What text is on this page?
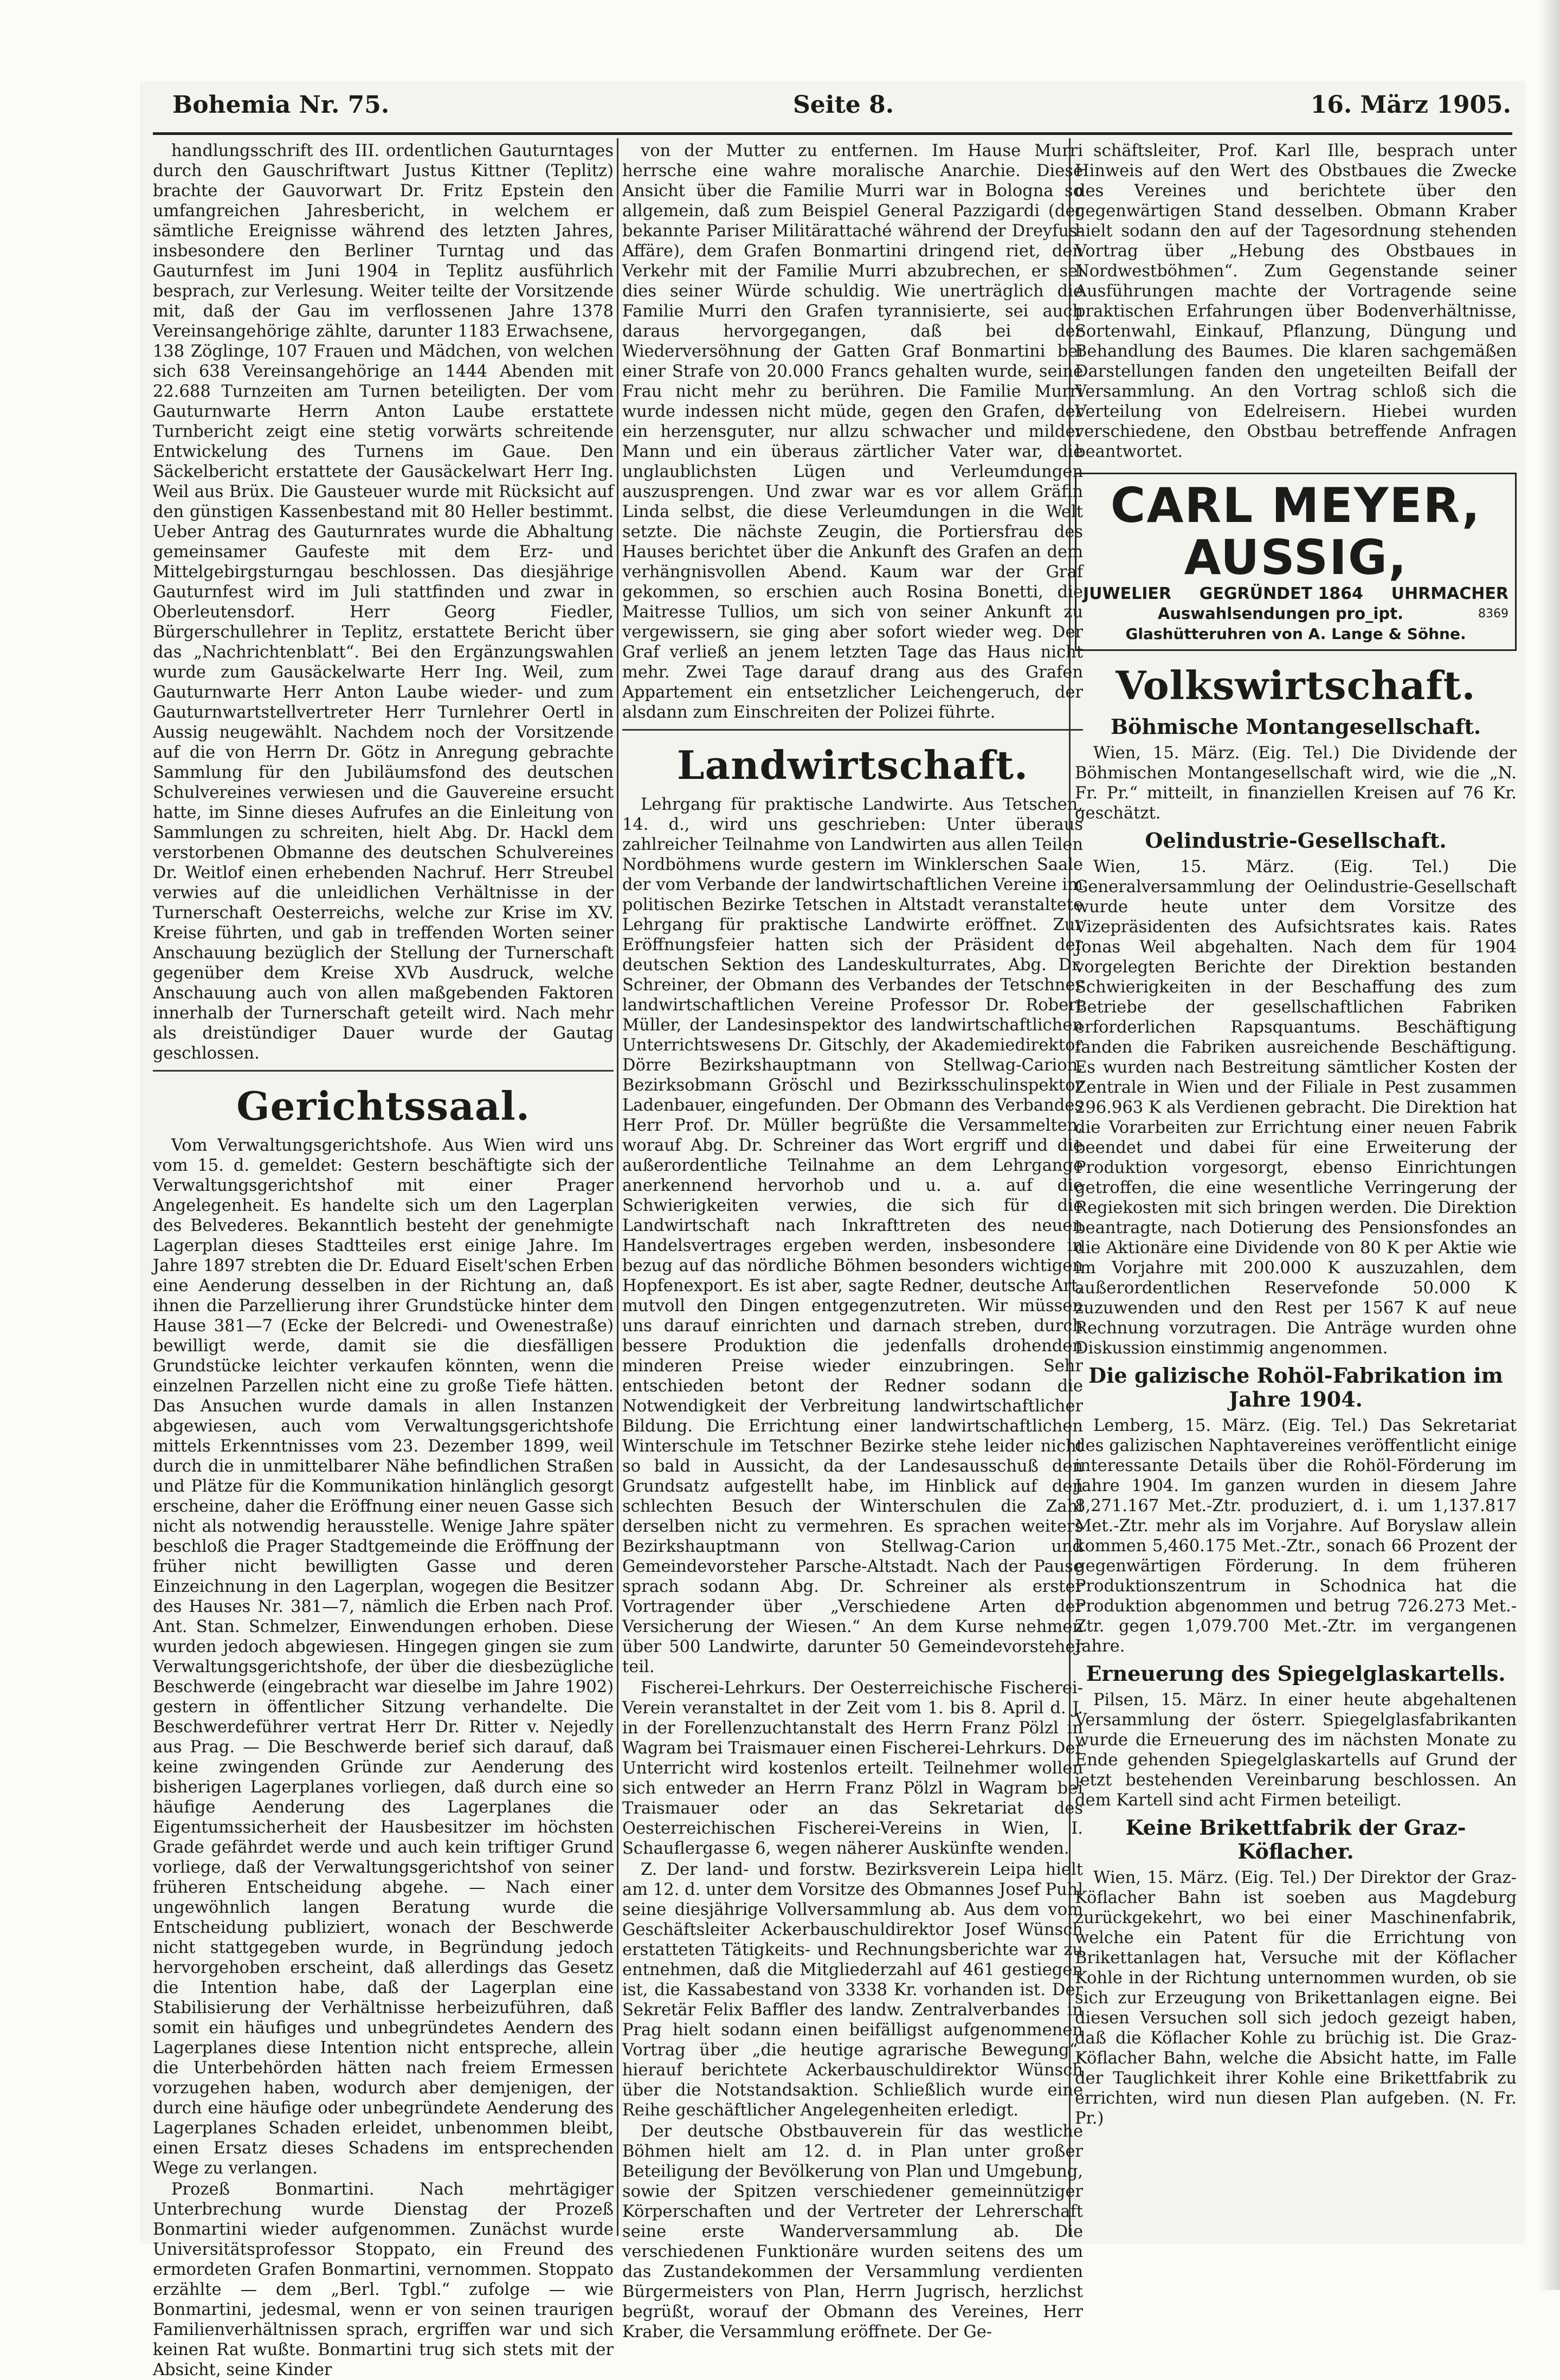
Bohemia Nr. 75.	Seite 8.	16. März 1905.

handlungsschrift des III. ordentlichen Gauturntages durch den Gauschriftwart Justus Kittner (Teplitz) brachte der Gauvorwart Dr. Fritz Epstein den umfangreichen Jahresbericht, in welchem er sämtliche Ereignisse während des letzten Jahres, insbesondere den Berliner Turntag und das Gauturnfest im Juni 1904 in Teplitz ausführlich besprach, zur Verlesung. Weiter teilte der Vorsitzende mit, daß der Gau im verflossenen Jahre 1378 Vereinsangehörige zählte, darunter 1183 Erwachsene, 138 Zöglinge, 107 Frauen und Mädchen, von welchen sich 638 Vereinsangehörige an 1444 Abenden mit 22.688 Turnzeiten am Turnen beteiligten. Der vom Gauturnwarte Herrn Anton Laube erstattete Turnbericht zeigt eine stetig vorwärts schreitende Entwickelung des Turnens im Gaue. Den Säckelbericht erstattete der Gausäckelwart Herr Ing. Weil aus Brüx. Die Gausteuer wurde mit Rücksicht auf den günstigen Kassenbestand mit 80 Heller bestimmt. Ueber Antrag des Gauturnrates wurde die Abhaltung gemeinsamer Gaufeste mit dem Erz- und Mittelgebirgsturngau beschlossen. Das diesjährige Gauturnfest wird im Juli stattfinden und zwar in Oberleutensdorf. Herr Georg Fiedler, Bürgerschullehrer in Teplitz, erstattete Bericht über das „Nachrichtenblatt“. Bei den Ergänzungswahlen wurde zum Gausäckelwarte Herr Ing. Weil, zum Gauturnwarte Herr Anton Laube wieder- und zum Gauturnwartstellvertreter Herr Turnlehrer Oertl in Aussig neugewählt. Nachdem noch der Vorsitzende auf die von Herrn Dr. Götz in Anregung gebrachte Sammlung für den Jubiläumsfond des deutschen Schulvereines verwiesen und die Gauvereine ersucht hatte, im Sinne dieses Aufrufes an die Einleitung von Sammlungen zu schreiten, hielt Abg. Dr. Hackl dem verstorbenen Obmanne des deutschen Schulvereines Dr. Weitlof einen erhebenden Nachruf. Herr Streubel verwies auf die unleidlichen Verhältnisse in der Turnerschaft Oesterreichs, welche zur Krise im XV. Kreise führten, und gab in treffenden Worten seiner Anschauung bezüglich der Stellung der Turnerschaft gegenüber dem Kreise XVb Ausdruck, welche Anschauung auch von allen maßgebenden Faktoren innerhalb der Turnerschaft geteilt wird. Nach mehr als dreistündiger Dauer wurde der Gautag geschlossen.

Gerichtssaal.

Vom Verwaltungsgerichtshofe. Aus Wien wird uns vom 15. d. gemeldet: Gestern beschäftigte sich der Verwaltungsgerichtshof mit einer Prager Angelegenheit. Es handelte sich um den Lagerplan des Belvederes. Bekanntlich besteht der genehmigte Lagerplan dieses Stadtteiles erst einige Jahre. Im Jahre 1897 strebten die Dr. Eduard Eiselt'schen Erben eine Aenderung desselben in der Richtung an, daß ihnen die Parzellierung ihrer Grundstücke hinter dem Hause 381—7 (Ecke der Belcredi- und Owenestraße) bewilligt werde, damit sie die diesfälligen Grundstücke leichter verkaufen könnten, wenn die einzelnen Parzellen nicht eine zu große Tiefe hätten. Das Ansuchen wurde damals in allen Instanzen abgewiesen, auch vom Verwaltungsgerichtshofe mittels Erkenntnisses vom 23. Dezember 1899, weil durch die in unmittelbarer Nähe befindlichen Straßen und Plätze für die Kommunikation hinlänglich gesorgt erscheine, daher die Eröffnung einer neuen Gasse sich nicht als notwendig herausstelle. Wenige Jahre später beschloß die Prager Stadtgemeinde die Eröffnung der früher nicht bewilligten Gasse und deren Einzeichnung in den Lagerplan, wogegen die Besitzer des Hauses Nr. 381—7, nämlich die Erben nach Prof. Ant. Stan. Schmelzer, Einwendungen erhoben. Diese wurden jedoch abgewiesen. Hingegen gingen sie zum Verwaltungsgerichtshofe, der über die diesbezügliche Beschwerde (eingebracht war dieselbe im Jahre 1902) gestern in öffentlicher Sitzung verhandelte. Die Beschwerdeführer vertrat Herr Dr. Ritter v. Nejedly aus Prag. — Die Beschwerde berief sich darauf, daß keine zwingenden Gründe zur Aenderung des bisherigen Lagerplanes vorliegen, daß durch eine so häufige Aenderung des Lagerplanes die Eigentumssicherheit der Hausbesitzer im höchsten Grade gefährdet werde und auch kein triftiger Grund vorliege, daß der Verwaltungsgerichtshof von seiner früheren Entscheidung abgehe. — Nach einer ungewöhnlich langen Beratung wurde die Entscheidung publiziert, wonach der Beschwerde nicht stattgegeben wurde, in Begründung jedoch hervorgehoben erscheint, daß allerdings das Gesetz die Intention habe, daß der Lagerplan eine Stabilisierung der Verhältnisse herbeizuführen, daß somit ein häufiges und unbegründetes Aendern des Lagerplanes diese Intention nicht entspreche, allein die Unterbehörden hätten nach freiem Ermessen vorzugehen haben, wodurch aber demjenigen, der durch eine häufige oder unbegründete Aenderung des Lagerplanes Schaden erleidet, unbenommen bleibt, einen Ersatz dieses Schadens im entsprechenden Wege zu verlangen.

Prozeß Bonmartini. Nach mehrtägiger Unterbrechung wurde Dienstag der Prozeß Bonmartini wieder aufgenommen. Zunächst wurde Universitätsprofessor Stoppato, ein Freund des ermordeten Grafen Bonmartini, vernommen. Stoppato erzählte — dem „Berl. Tgbl.“ zufolge — wie Bonmartini, jedesmal, wenn er von seinen traurigen Familienverhältnissen sprach, ergriffen war und sich keinen Rat wußte. Bonmartini trug sich stets mit der Absicht, seine Kinder

von der Mutter zu entfernen. Im Hause Murri herrsche eine wahre moralische Anarchie. Diese Ansicht über die Familie Murri war in Bologna so allgemein, daß zum Beispiel General Pazzigardi (der bekannte Pariser Militärattaché während der Dreyfus-Affäre), dem Grafen Bonmartini dringend riet, den Verkehr mit der Familie Murri abzubrechen, er sei dies seiner Würde schuldig. Wie unerträglich die Familie Murri den Grafen tyrannisierte, sei auch daraus hervorgegangen, daß bei der Wiederversöhnung der Gatten Graf Bonmartini bei einer Strafe von 20.000 Francs gehalten wurde, seine Frau nicht mehr zu berühren. Die Familie Murri wurde indessen nicht müde, gegen den Grafen, der ein herzensguter, nur allzu schwacher und milder Mann und ein überaus zärtlicher Vater war, die unglaublichsten Lügen und Verleumdungen auszusprengen. Und zwar war es vor allem Gräfin Linda selbst, die diese Verleumdungen in die Welt setzte. Die nächste Zeugin, die Portiersfrau des Hauses berichtet über die Ankunft des Grafen an dem verhängnisvollen Abend. Kaum war der Graf gekommen, so erschien auch Rosina Bonetti, die Maitresse Tullios, um sich von seiner Ankunft zu vergewissern, sie ging aber sofort wieder weg. Der Graf verließ an jenem letzten Tage das Haus nicht mehr. Zwei Tage darauf drang aus des Grafen Appartement ein entsetzlicher Leichengeruch, der alsdann zum Einschreiten der Polizei führte.

Landwirtschaft.

Lehrgang für praktische Landwirte. Aus Tetschen, 14. d., wird uns geschrieben: Unter überaus zahlreicher Teilnahme von Landwirten aus allen Teilen Nordböhmens wurde gestern im Winklerschen Saale der vom Verbande der landwirtschaftlichen Vereine im politischen Bezirke Tetschen in Altstadt veranstaltete Lehrgang für praktische Landwirte eröffnet. Zur Eröffnungsfeier hatten sich der Präsident der deutschen Sektion des Landeskulturrates, Abg. Dr. Schreiner, der Obmann des Verbandes der Tetschner landwirtschaftlichen Vereine Professor Dr. Robert Müller, der Landesinspektor des landwirtschaftlichen Unterrichtswesens Dr. Gitschly, der Akademiedirektor Dörre Bezirkshauptmann von Stellwag-Carion, Bezirksobmann Gröschl und Bezirksschulinspektor Ladenbauer, eingefunden. Der Obmann des Verbandes Herr Prof. Dr. Müller begrüßte die Versammelten, worauf Abg. Dr. Schreiner das Wort ergriff und die außerordentliche Teilnahme an dem Lehrgange anerkennend hervorhob und u. a. auf die Schwierigkeiten verwies, die sich für die Landwirtschaft nach Inkrafttreten des neuen Handelsvertrages ergeben werden, insbesondere in bezug auf das nördliche Böhmen besonders wichtigen Hopfenexport. Es ist aber, sagte Redner, deutsche Art, mutvoll den Dingen entgegenzutreten. Wir müssen uns darauf einrichten und darnach streben, durch bessere Produktion die jedenfalls drohenden minderen Preise wieder einzubringen. Sehr entschieden betont der Redner sodann die Notwendigkeit der Verbreitung landwirtschaftlicher Bildung. Die Errichtung einer landwirtschaftlichen Winterschule im Tetschner Bezirke stehe leider nicht so bald in Aussicht, da der Landesausschuß den Grundsatz aufgestellt habe, im Hinblick auf den schlechten Besuch der Winterschulen die Zahl derselben nicht zu vermehren. Es sprachen weiters Bezirkshauptmann von Stellwag-Carion und Gemeindevorsteher Parsche-Altstadt. Nach der Pause sprach sodann Abg. Dr. Schreiner als erster Vortragender über „Verschiedene Arten der Versicherung der Wiesen.“ An dem Kurse nehmen über 500 Landwirte, darunter 50 Gemeindevorsteher teil.

Fischerei-Lehrkurs. Der Oesterreichische Fischerei-Verein veranstaltet in der Zeit vom 1. bis 8. April d. J. in der Forellenzuchtanstalt des Herrn Franz Pölzl in Wagram bei Traismauer einen Fischerei-Lehrkurs. Der Unterricht wird kostenlos erteilt. Teilnehmer wollen sich entweder an Herrn Franz Pölzl in Wagram bei Traismauer oder an das Sekretariat des Oesterreichischen Fischerei-Vereins in Wien, I. Schauflergasse 6, wegen näherer Auskünfte wenden.

Z. Der land- und forstw. Bezirksverein Leipa hielt am 12. d. unter dem Vorsitze des Obmannes Josef Puhl seine diesjährige Vollversammlung ab. Aus dem vom Geschäftsleiter Ackerbauschuldirektor Josef Wünsch erstatteten Tätigkeits- und Rechnungsberichte war zu entnehmen, daß die Mitgliederzahl auf 461 gestiegen ist, die Kassabestand von 3338 Kr. vorhanden ist. Der Sekretär Felix Baffler des landw. Zentralverbandes in Prag hielt sodann einen beifälligst aufgenommenen Vortrag über „die heutige agrarische Bewegung“, hierauf berichtete Ackerbauschuldirektor Wünsch über die Notstandsaktion. Schließlich wurde eine Reihe geschäftlicher Angelegenheiten erledigt.

Der deutsche Obstbauverein für das westliche Böhmen hielt am 12. d. in Plan unter großer Beteiligung der Bevölkerung von Plan und Umgebung, sowie der Spitzen verschiedener gemeinnütziger Körperschaften und der Vertreter der Lehrerschaft seine erste Wanderversammlung ab. Die verschiedenen Funktionäre wurden seitens des um das Zustandekommen der Versammlung verdienten Bürgermeisters von Plan, Herrn Jugrisch, herzlichst begrüßt, worauf der Obmann des Vereines, Herr Kraber, die Versammlung eröffnete. Der Ge-

schäftsleiter, Prof. Karl Ille, besprach unter Hinweis auf den Wert des Obstbaues die Zwecke des Vereines und berichtete über den gegenwärtigen Stand desselben. Obmann Kraber hielt sodann den auf der Tagesordnung stehenden Vortrag über „Hebung des Obstbaues in Nordwestböhmen“. Zum Gegenstande seiner Ausführungen machte der Vortragende seine praktischen Erfahrungen über Bodenverhältnisse, Sortenwahl, Einkauf, Pflanzung, Düngung und Behandlung des Baumes. Die klaren sachgemäßen Darstellungen fanden den ungeteilten Beifall der Versammlung. An den Vortrag schloß sich die Verteilung von Edelreisern. Hiebei wurden verschiedene, den Obstbau betreffende Anfragen beantwortet.

CARL MEYER, AUSSIG,
JUWELIER GEGRÜNDET 1864 UHRMACHER
8369
Auswahlsendungen pro_ipt.
Glashütteruhren von A. Lange & Söhne.
Volkswirtschaft.
Böhmische Montangesellschaft.

Wien, 15. März. (Eig. Tel.) Die Dividende der Böhmischen Montangesellschaft wird, wie die „N. Fr. Pr.“ mitteilt, in finanziellen Kreisen auf 76 Kr. geschätzt.

Oelindustrie-Gesellschaft.

Wien, 15. März. (Eig. Tel.) Die Generalversammlung der Oelindustrie-Gesellschaft wurde heute unter dem Vorsitze des Vizepräsidenten des Aufsichtsrates kais. Rates Jonas Weil abgehalten. Nach dem für 1904 vorgelegten Berichte der Direktion bestanden Schwierigkeiten in der Beschaffung des zum Betriebe der gesellschaftlichen Fabriken erforderlichen Rapsquantums. Beschäftigung fanden die Fabriken ausreichende Beschäftigung. Es wurden nach Bestreitung sämtlicher Kosten der Zentrale in Wien und der Filiale in Pest zusammen 296.963 K als Verdienen gebracht. Die Direktion hat die Vorarbeiten zur Errichtung einer neuen Fabrik beendet und dabei für eine Erweiterung der Produktion vorgesorgt, ebenso Einrichtungen getroffen, die eine wesentliche Verringerung der Regiekosten mit sich bringen werden. Die Direktion beantragte, nach Dotierung des Pensionsfondes an die Aktionäre eine Dividende von 80 K per Aktie wie im Vorjahre mit 200.000 K auszuzahlen, dem außerordentlichen Reservefonde 50.000 K zuzuwenden und den Rest per 1567 K auf neue Rechnung vorzutragen. Die Anträge wurden ohne Diskussion einstimmig angenommen.

Die galizische Rohöl-Fabrikation im Jahre 1904.

Lemberg, 15. März. (Eig. Tel.) Das Sekretariat des galizischen Naphtavereines veröffentlicht einige interessante Details über die Rohöl-Förderung im Jahre 1904. Im ganzen wurden in diesem Jahre 8,271.167 Met.-Ztr. produziert, d. i. um 1,137.817 Met.-Ztr. mehr als im Vorjahre. Auf Boryslaw allein kommen 5,460.175 Met.-Ztr., sonach 66 Prozent der gegenwärtigen Förderung. In dem früheren Produktionszentrum in Schodnica hat die Produktion abgenommen und betrug 726.273 Met.-Ztr. gegen 1,079.700 Met.-Ztr. im vergangenen Jahre.

Erneuerung des Spiegelglaskartells.

Pilsen, 15. März. In einer heute abgehaltenen Versammlung der österr. Spiegelglasfabrikanten wurde die Erneuerung des im nächsten Monate zu Ende gehenden Spiegelglaskartells auf Grund der jetzt bestehenden Vereinbarung beschlossen. An dem Kartell sind acht Firmen beteiligt.

Keine Brikettfabrik der Graz-Köflacher.

Wien, 15. März. (Eig. Tel.) Der Direktor der Graz-Köflacher Bahn ist soeben aus Magdeburg zurückgekehrt, wo bei einer Maschinenfabrik, welche ein Patent für die Errichtung von Brikettanlagen hat, Versuche mit der Köflacher Kohle in der Richtung unternommen wurden, ob sie sich zur Erzeugung von Brikettanlagen eigne. Bei diesen Versuchen soll sich jedoch gezeigt haben, daß die Köflacher Kohle zu brüchig ist. Die Graz-Köflacher Bahn, welche die Absicht hatte, im Falle der Tauglichkeit ihrer Kohle eine Brikettfabrik zu errichten, wird nun diesen Plan aufgeben. (N. Fr. Pr.)
